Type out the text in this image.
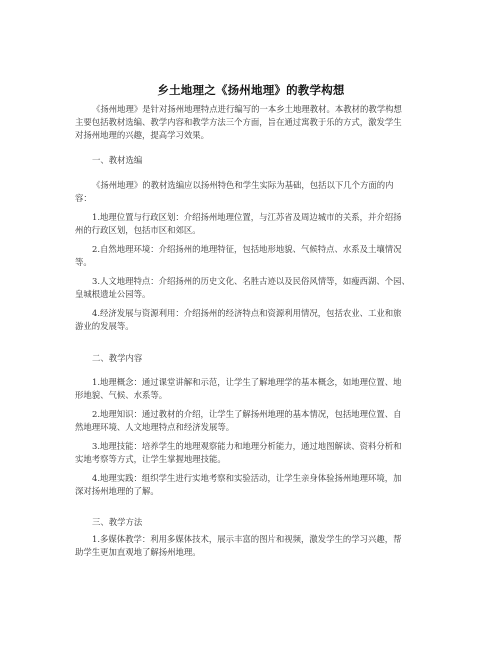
乡土地理之《扬州地理》的教学构想
《扬州地理》是针对扬州地理特点进行编写的一本乡土地理教材。本教材的教学构想
主要包括教材选编、教学内容和教学方法三个方面，旨在通过寓教于乐的方式，激发学生
对扬州地理的兴趣，提高学习效果。
一、教材选编
《扬州地理》的教材选编应以扬州特色和学生实际为基础，包括以下几个方面的内
容：
1.地理位置与行政区划：介绍扬州地理位置，与江苏省及周边城市的关系，并介绍扬
州的行政区划，包括市区和郊区。
2.自然地理环境：介绍扬州的地理特征，包括地形地貌、气候特点、水系及土壤情况
等。
3.人文地理特点：介绍扬州的历史文化、名胜古迹以及民俗风情等，如瘦西湖、个园、
皇城根遗址公园等。
4.经济发展与资源利用：介绍扬州的经济特点和资源利用情况，包括农业、工业和旅
游业的发展等。
二、教学内容
1.地理概念：通过课堂讲解和示范，让学生了解地理学的基本概念，如地理位置、地
形地貌、气候、水系等。
2.地理知识：通过教材的介绍，让学生了解扬州地理的基本情况，包括地理位置、自
然地理环境、人文地理特点和经济发展等。
3.地理技能：培养学生的地理观察能力和地理分析能力，通过地图解读、资料分析和
实地考察等方式，让学生掌握地理技能。
4.地理实践：组织学生进行实地考察和实验活动，让学生亲身体验扬州地理环境，加
深对扬州地理的了解。
三、教学方法
1.多媒体教学：利用多媒体技术，展示丰富的图片和视频，激发学生的学习兴趣，帮
助学生更加直观地了解扬州地理。
